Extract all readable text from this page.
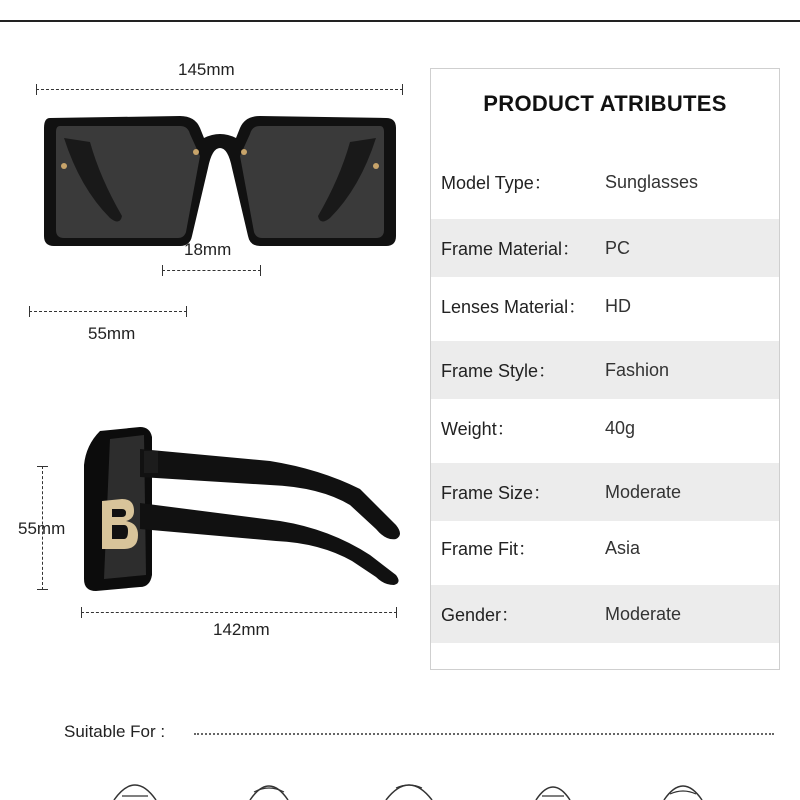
145mm
18mm
55mm
55mm
142mm
PRODUCT ATRIBUTES
Model Type：	Sunglasses
Frame Material： PC
Lenses Material： HD
Frame Style：	Fashion
Weight：	40g
Frame Size：	Moderate
Frame Fit：	Asia
Gender：	Moderate
Suitable For :
